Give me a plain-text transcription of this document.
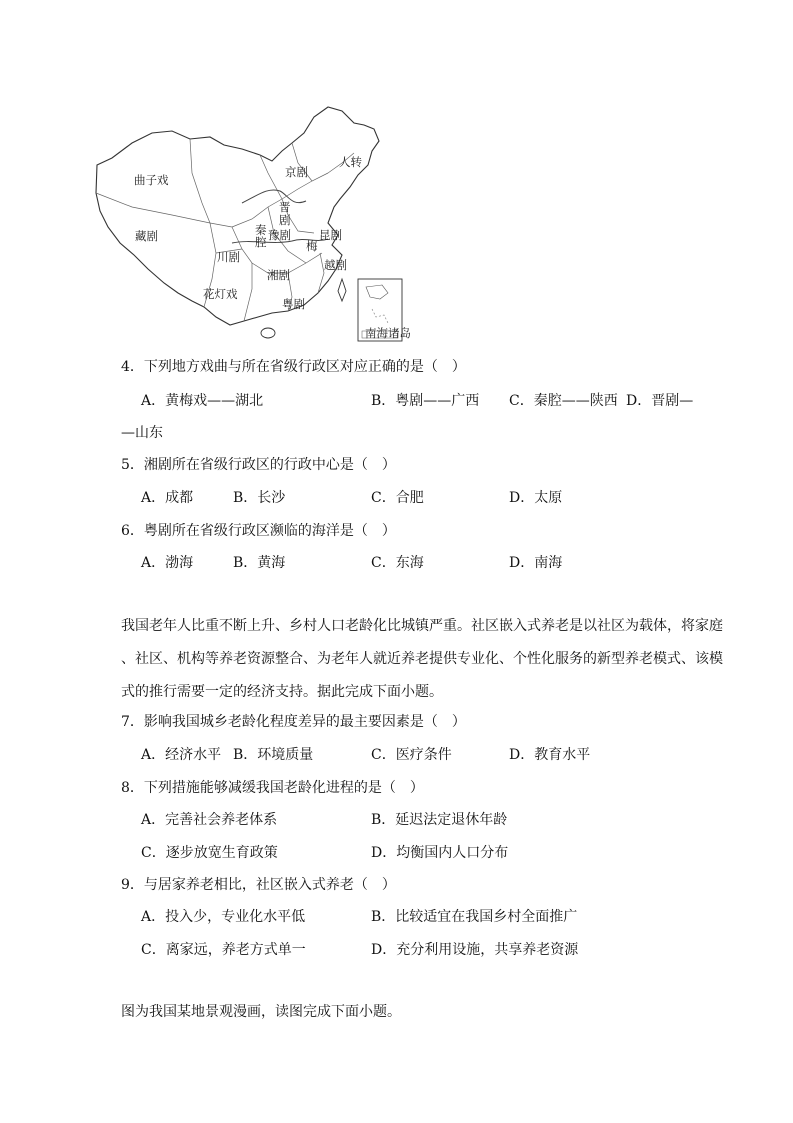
曲子戏
京剧
人转
晋
剧
秦
腔 豫剧
梅
昆剧
藏剧
川剧
越剧
湘剧
花灯戏
粤剧
南海诸岛
4．下列地方戏曲与所在省级行政区对应正确的是（　）
A．黄梅戏——湖北	B．粤剧——广西 C．秦腔——陕西 D．晋剧—
—山东
5．湘剧所在省级行政区的行政中心是（　）
A．成都	B．长沙	C．合肥	D．太原
6．粤剧所在省级行政区濒临的海洋是（　）
A．渤海	B．黄海	C．东海	D．南海
我国老年人比重不断上升、乡村人口老龄化比城镇严重。社区嵌入式养老是以社区为载体，将家庭
、社区、机构等养老资源整合、为老年人就近养老提供专业化、个性化服务的新型养老模式、该模
式的推行需要一定的经济支持。据此完成下面小题。
7．影响我国城乡老龄化程度差异的最主要因素是（　）
A．经济水平 B．环境质量	C．医疗条件	D．教育水平
8．下列措施能够减缓我国老龄化进程的是（　）
A．完善社会养老体系	B．延迟法定退休年龄
C．逐步放宽生育政策	D．均衡国内人口分布
9．与居家养老相比，社区嵌入式养老（　）
A．投入少，专业化水平低	B．比较适宜在我国乡村全面推广
C．离家远，养老方式单一	D．充分利用设施，共享养老资源
图为我国某地景观漫画，读图完成下面小题。
